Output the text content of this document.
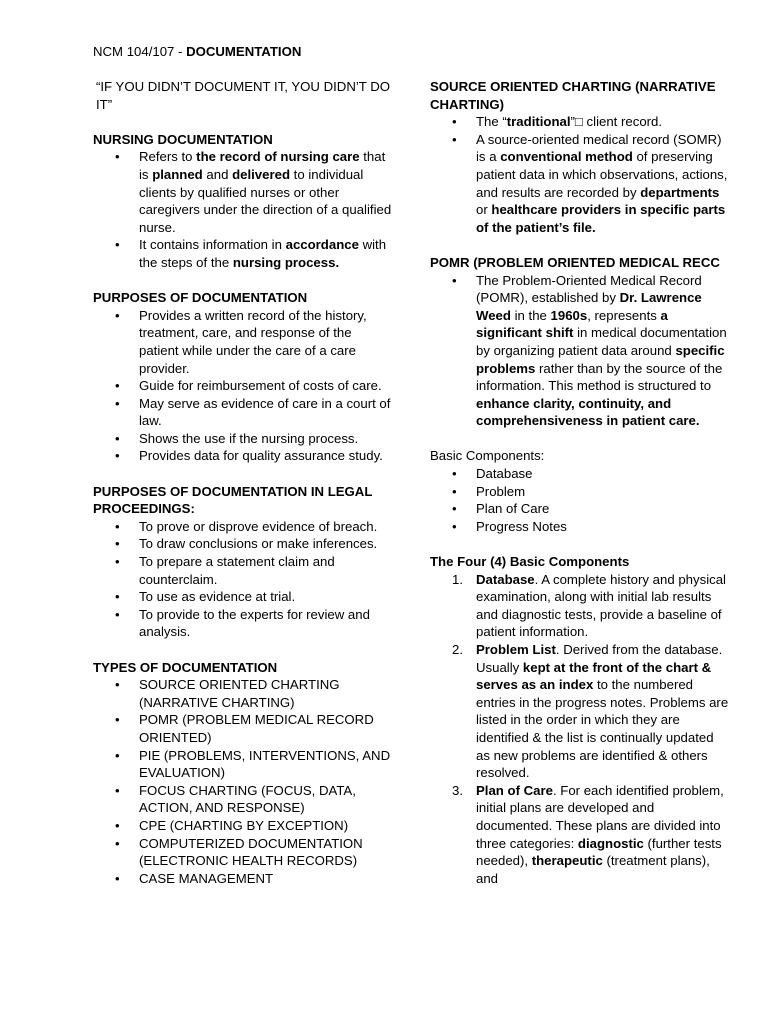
NCM 104/107 - DOCUMENTATION

“IF YOU DIDN’T DOCUMENT IT, YOU DIDN’T DO IT”

NURSING DOCUMENTATION

• Refers to the record of nursing care that is planned and delivered to individual clients by qualified nurses or other caregivers under the direction of a qualified nurse.
• It contains information in accordance with the steps of the nursing process.

PURPOSES OF DOCUMENTATION

• Provides a written record of the history, treatment, care, and response of the patient while under the care of a care provider.
• Guide for reimbursement of costs of care.
• May serve as evidence of care in a court of law.
• Shows the use if the nursing process.
• Provides data for quality assurance study.

PURPOSES OF DOCUMENTATION IN LEGAL PROCEEDINGS:

• To prove or disprove evidence of breach.
• To draw conclusions or make inferences.
• To prepare a statement claim and counterclaim.
• To use as evidence at trial.
• To provide to the experts for review and analysis.

TYPES OF DOCUMENTATION

• SOURCE ORIENTED CHARTING (NARRATIVE CHARTING)
• POMR (PROBLEM MEDICAL RECORD ORIENTED)
• PIE (PROBLEMS, INTERVENTIONS, AND EVALUATION)
• FOCUS CHARTING (FOCUS, DATA, ACTION, AND RESPONSE)
• CPE (CHARTING BY EXCEPTION)
• COMPUTERIZED DOCUMENTATION (ELECTRONIC HEALTH RECORDS)
• CASE MANAGEMENT

SOURCE ORIENTED CHARTING (NARRATIVE CHARTING)

• The “traditional”□ client record.
• A source-oriented medical record (SOMR) is a conventional method of preserving patient data in which observations, actions, and results are recorded by departments or healthcare providers in specific parts of the patient’s file.

POMR (PROBLEM ORIENTED MEDICAL RECC

• The Problem-Oriented Medical Record (POMR), established by Dr. Lawrence Weed in the 1960s, represents a significant shift in medical documentation by organizing patient data around specific problems rather than by the source of the information. This method is structured to enhance clarity, continuity, and comprehensiveness in patient care.

Basic Components:

• Database
• Problem
• Plan of Care
• Progress Notes

The Four (4) Basic Components

1. Database. A complete history and physical examination, along with initial lab results and diagnostic tests, provide a baseline of patient information.
2. Problem List. Derived from the database. Usually kept at the front of the chart & serves as an index to the numbered entries in the progress notes. Problems are listed in the order in which they are identified & the list is continually updated as new problems are identified & others resolved.
3. Plan of Care. For each identified problem, initial plans are developed and documented. These plans are divided into three categories: diagnostic (further tests needed), therapeutic (treatment plans), and
